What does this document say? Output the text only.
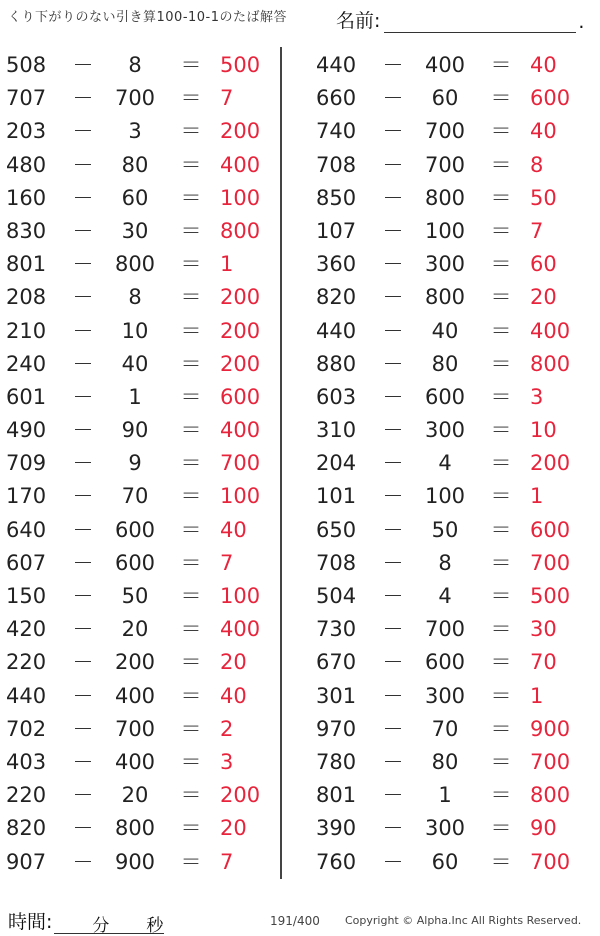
くり下がりのない引き算100-10-1のたば解答	名前:	.
508 －	8	＝ 500
707 － 700 ＝ 7
203 －	3	＝ 200
480 －	80	＝ 400
160 －	60	＝ 100
830 －	30	＝ 800
801 － 800 ＝ 1
208 －	8	＝ 200
210 －	10	＝ 200
240 －	40	＝ 200
601 －	1	＝ 600
490 －	90	＝ 400
709 －	9	＝ 700
170 －	70	＝ 100
640 － 600 ＝ 40
607 － 600 ＝ 7
150 －	50	＝ 100
420 －	20	＝ 400
220 － 200 ＝ 20
440 － 400 ＝ 40
702 － 700 ＝ 2
403 － 400 ＝ 3
220 －	20	＝ 200
820 － 800 ＝ 20
907 － 900 ＝ 7
440 － 400 ＝ 40
660 －	60	＝ 600
740 － 700 ＝ 40
708 － 700 ＝ 8
850 － 800 ＝ 50
107 － 100 ＝ 7
360 － 300 ＝ 60
820 － 800 ＝ 20
440 －	40	＝ 400
880 －	80	＝ 800
603 － 600 ＝ 3
310 － 300 ＝ 10
204 －	4	＝ 200
101 － 100 ＝ 1
650 －	50	＝ 600
708 －	8	＝ 700
504 －	4	＝ 500
730 － 700 ＝ 30
670 － 600 ＝ 70
301 － 300 ＝ 1
970 －	70	＝ 900
780 －	80	＝ 700
801 －	1	＝ 800
390 － 300 ＝ 90
760 －	60	＝ 700
時間: 分 秒	191/400 Copyright © Alpha.Inc All Rights Reserved.
